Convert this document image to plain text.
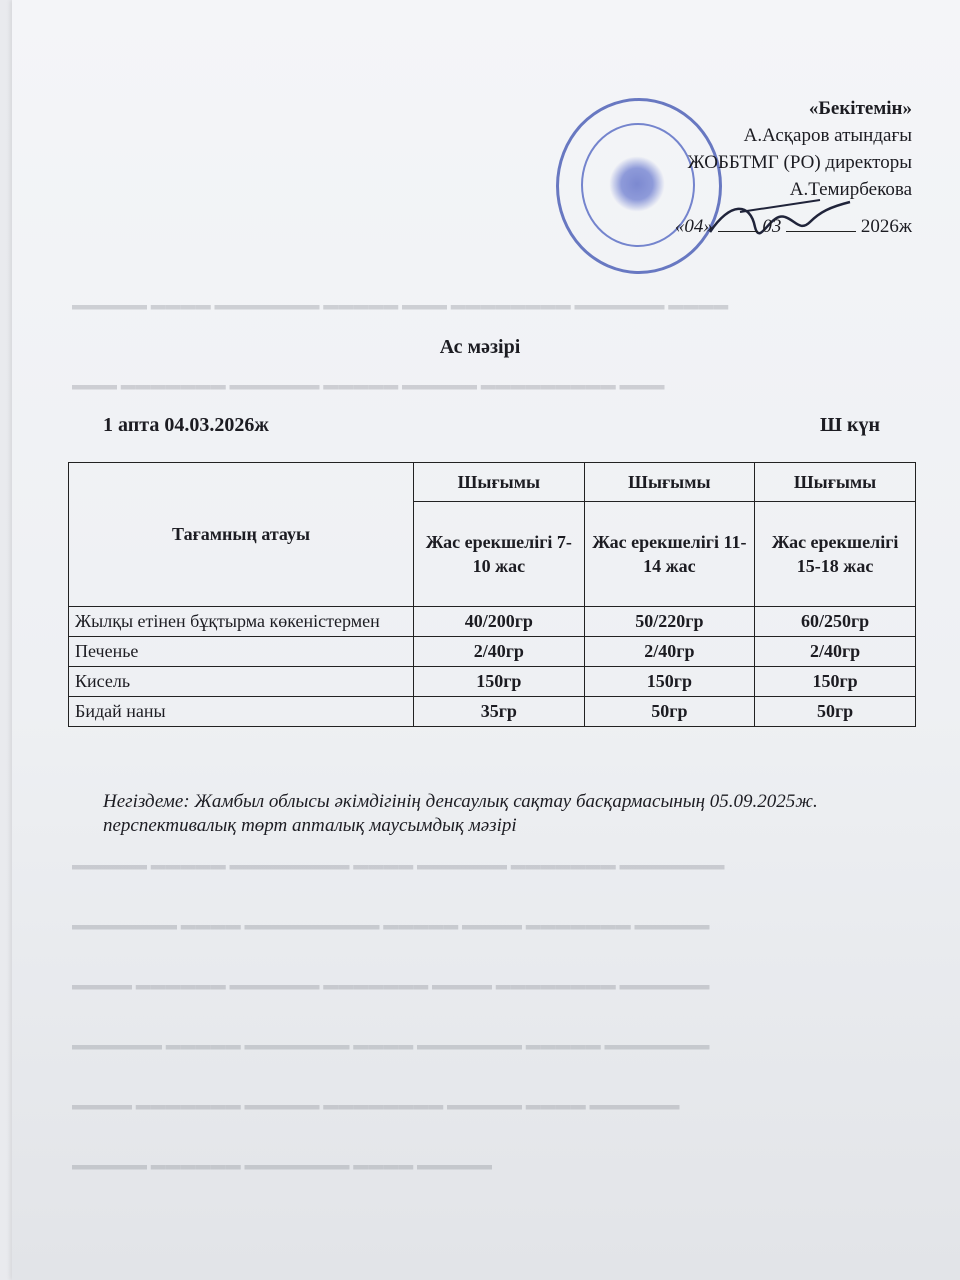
▬▬▬▬▬ ▬▬▬▬ ▬▬▬▬▬▬▬ ▬▬▬▬▬ ▬▬▬ ▬▬▬▬▬▬▬▬ ▬▬▬▬▬▬ ▬▬▬▬
▬▬▬ ▬▬▬▬▬▬▬ ▬▬▬▬▬▬ ▬▬▬▬▬ ▬▬▬▬▬ ▬▬▬▬▬▬▬▬▬ ▬▬▬
▬▬▬▬▬ ▬▬▬▬▬ ▬▬▬▬▬▬▬▬ ▬▬▬▬ ▬▬▬▬▬▬ ▬▬▬▬▬▬▬ ▬▬▬▬▬▬▬
▬▬▬▬▬▬▬ ▬▬▬▬ ▬▬▬▬▬▬▬▬▬ ▬▬▬▬▬ ▬▬▬▬ ▬▬▬▬▬▬▬ ▬▬▬▬▬
▬▬▬▬ ▬▬▬▬▬▬ ▬▬▬▬▬▬ ▬▬▬▬▬▬▬ ▬▬▬▬ ▬▬▬▬▬▬▬▬ ▬▬▬▬▬▬
▬▬▬▬▬▬ ▬▬▬▬▬ ▬▬▬▬▬▬▬ ▬▬▬▬ ▬▬▬▬▬▬▬ ▬▬▬▬▬ ▬▬▬▬▬▬▬
▬▬▬▬ ▬▬▬▬▬▬▬ ▬▬▬▬▬ ▬▬▬▬▬▬▬▬ ▬▬▬▬▬ ▬▬▬▬ ▬▬▬▬▬▬
▬▬▬▬▬ ▬▬▬▬▬▬ ▬▬▬▬▬▬▬ ▬▬▬▬ ▬▬▬▬▬
«Бекітемін»
А.Асқаров атындағы
ЖОББТМГ (РО) директоры
А.Темирбекова
«04»	03	2026ж
Ас мәзірі
1 апта 04.03.2026ж	Ш күн
Тағамның атауы	Шығымы	Шығымы	Шығымы
	Жас ерекшелігі 7-10 жас	Жас ерекшелігі 11-14 жас	Жас ерекшелігі 15-18 жас
Жылқы етінен бұқтырма көкеністермен	40/200гр	50/220гр	60/250гр
Печенье	2/40гр	2/40гр	2/40гр
Кисель	150гр	150гр	150гр
Бидай наны	35гр	50гр	50гр
Негіздеме: Жамбыл облысы әкімдігінің денсаулық сақтау басқармасының 05.09.2025ж. перспективалық төрт апталық маусымдық мәзірі
